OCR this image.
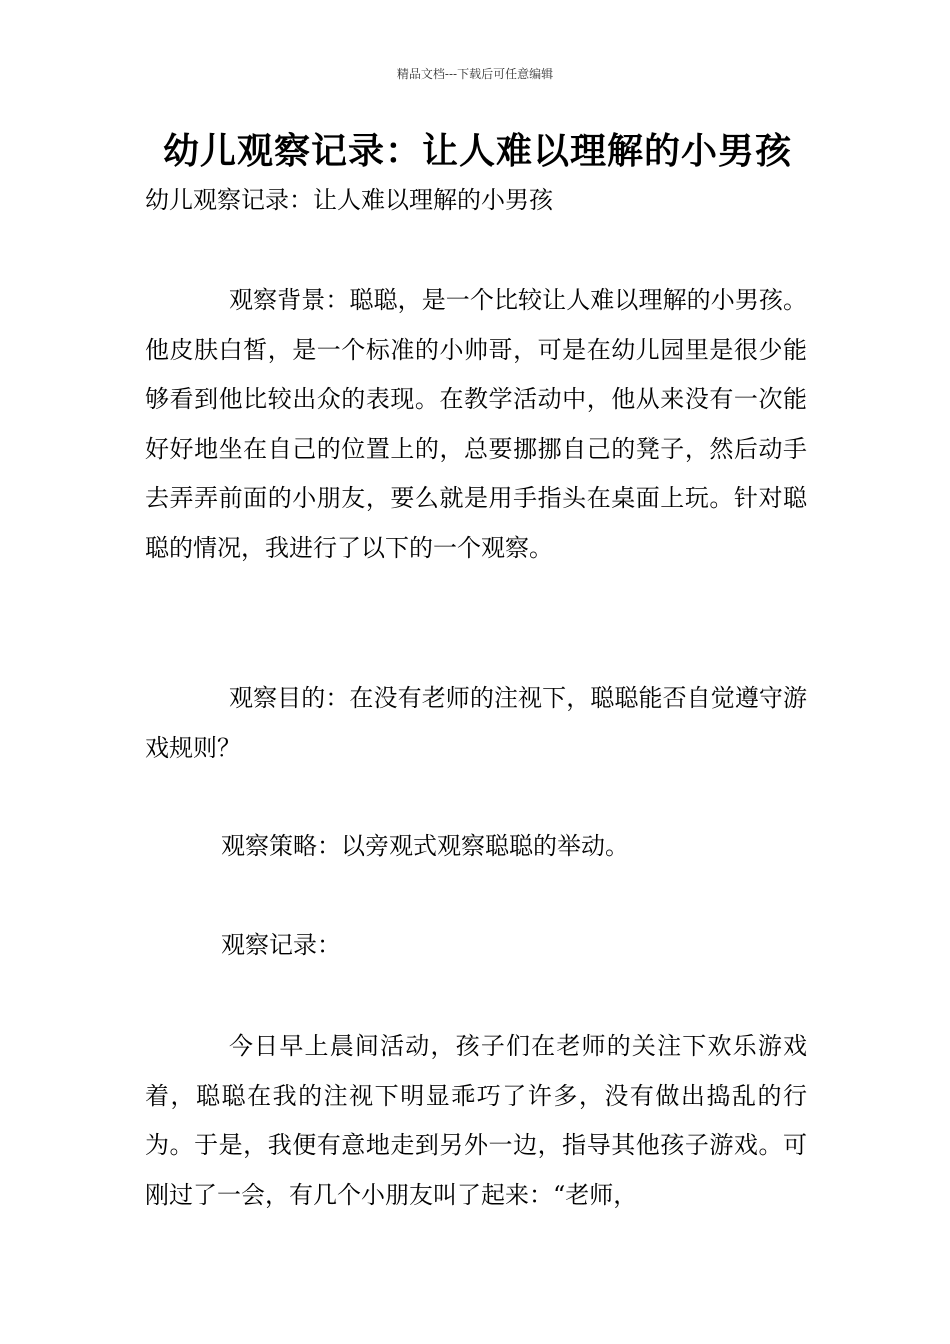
精品文档---下载后可任意编辑
幼儿观察记录：让人难以理解的小男孩
幼儿观察记录：让人难以理解的小男孩

观察背景：聪聪，是一个比较让人难以理解的小男孩。他皮肤白皙，是一个标准的小帅哥，可是在幼儿园里是很少能够看到他比较出众的表现。在教学活动中，他从来没有一次能好好地坐在自己的位置上的，总要挪挪自己的凳子，然后动手去弄弄前面的小朋友，要么就是用手指头在桌面上玩。针对聪聪的情况，我进行了以下的一个观察。

观察目的：在没有老师的注视下，聪聪能否自觉遵守游戏规则？

观察策略：以旁观式观察聪聪的举动。

观察记录：

今日早上晨间活动，孩子们在老师的关注下欢乐游戏着，聪聪在我的注视下明显乖巧了许多，没有做出捣乱的行为。于是，我便有意地走到另外一边，指导其他孩子游戏。可刚过了一会，有几个小朋友叫了起来：“老师，
